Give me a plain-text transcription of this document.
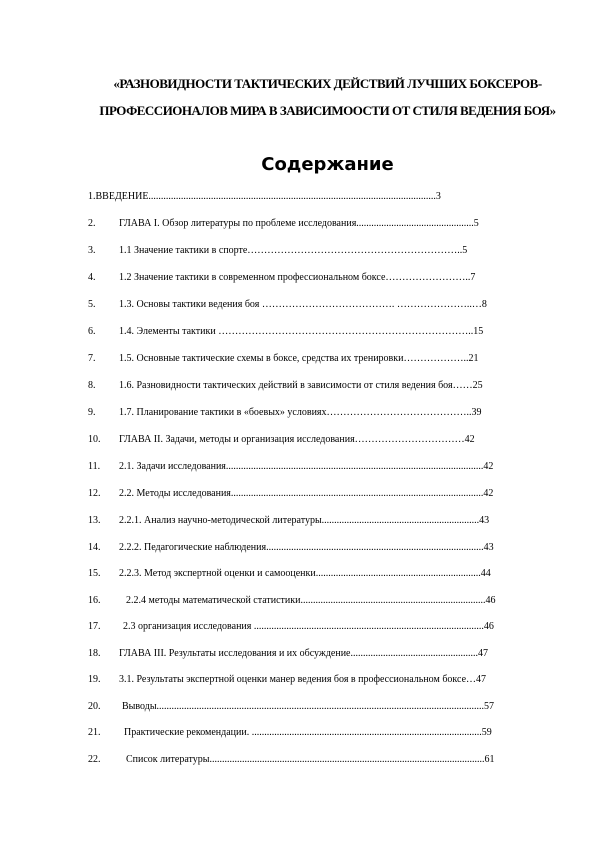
«РАЗНОВИДНОСТИ ТАКТИЧЕСКИХ ДЕЙСТВИЙ ЛУЧШИХ БОКСЕРОВ-
ПРОФЕССИОНАЛОВ МИРА В ЗАВИСИМООСТИ ОТ СТИЛЯ ВЕДЕНИЯ БОЯ»
Содержание
1.ВВЕДЕНИЕ...................................................................................................................3
2. ГЛАВА I. Обзор литературы по проблеме исследования...............................................5
3. 1.1 Значение тактики в спорте………………………………………………………..5
4. 1.2 Значение тактики в современном профессиональном боксе……………………..7
5. 1.3. Основы тактики ведения боя …………………………………. …………………..…8
6. 1.4. Элементы тактики …………………………………………………………………..15
7. 1.5. Основные тактические схемы в боксе, средства их тренировки………………..21
8. 1.6. Разновидности тактических действий в зависимости от стиля ведения боя……25
9. 1.7. Планирование тактики в «боевых» условиях……………………………………..39
10. ГЛАВА II. Задачи, методы и организация исследования……………………………42
11. 2.1. Задачи исследования.......................................................................................................42
12. 2.2. Методы исследования.....................................................................................................42
13. 2.2.1. Анализ научно-методической литературы...............................................................43
14. 2.2.2. Педагогические наблюдения.......................................................................................43
15. 2.2.3. Метод экспертной оценки и самооценки..................................................................44
16.	2.2.4 методы математической статистики..........................................................................46
17. 2.3 организация исследования ............................................................................................46
18. ГЛАВА III. Результаты исследования и их обсуждение...................................................47
19. 3.1. Результаты экспертной оценки манер ведения боя в профессиональном боксе…47
20. Выводы...................................................................................................................................57
21. Практические рекомендации. ............................................................................................59
22.	Список литературы..............................................................................................................61
